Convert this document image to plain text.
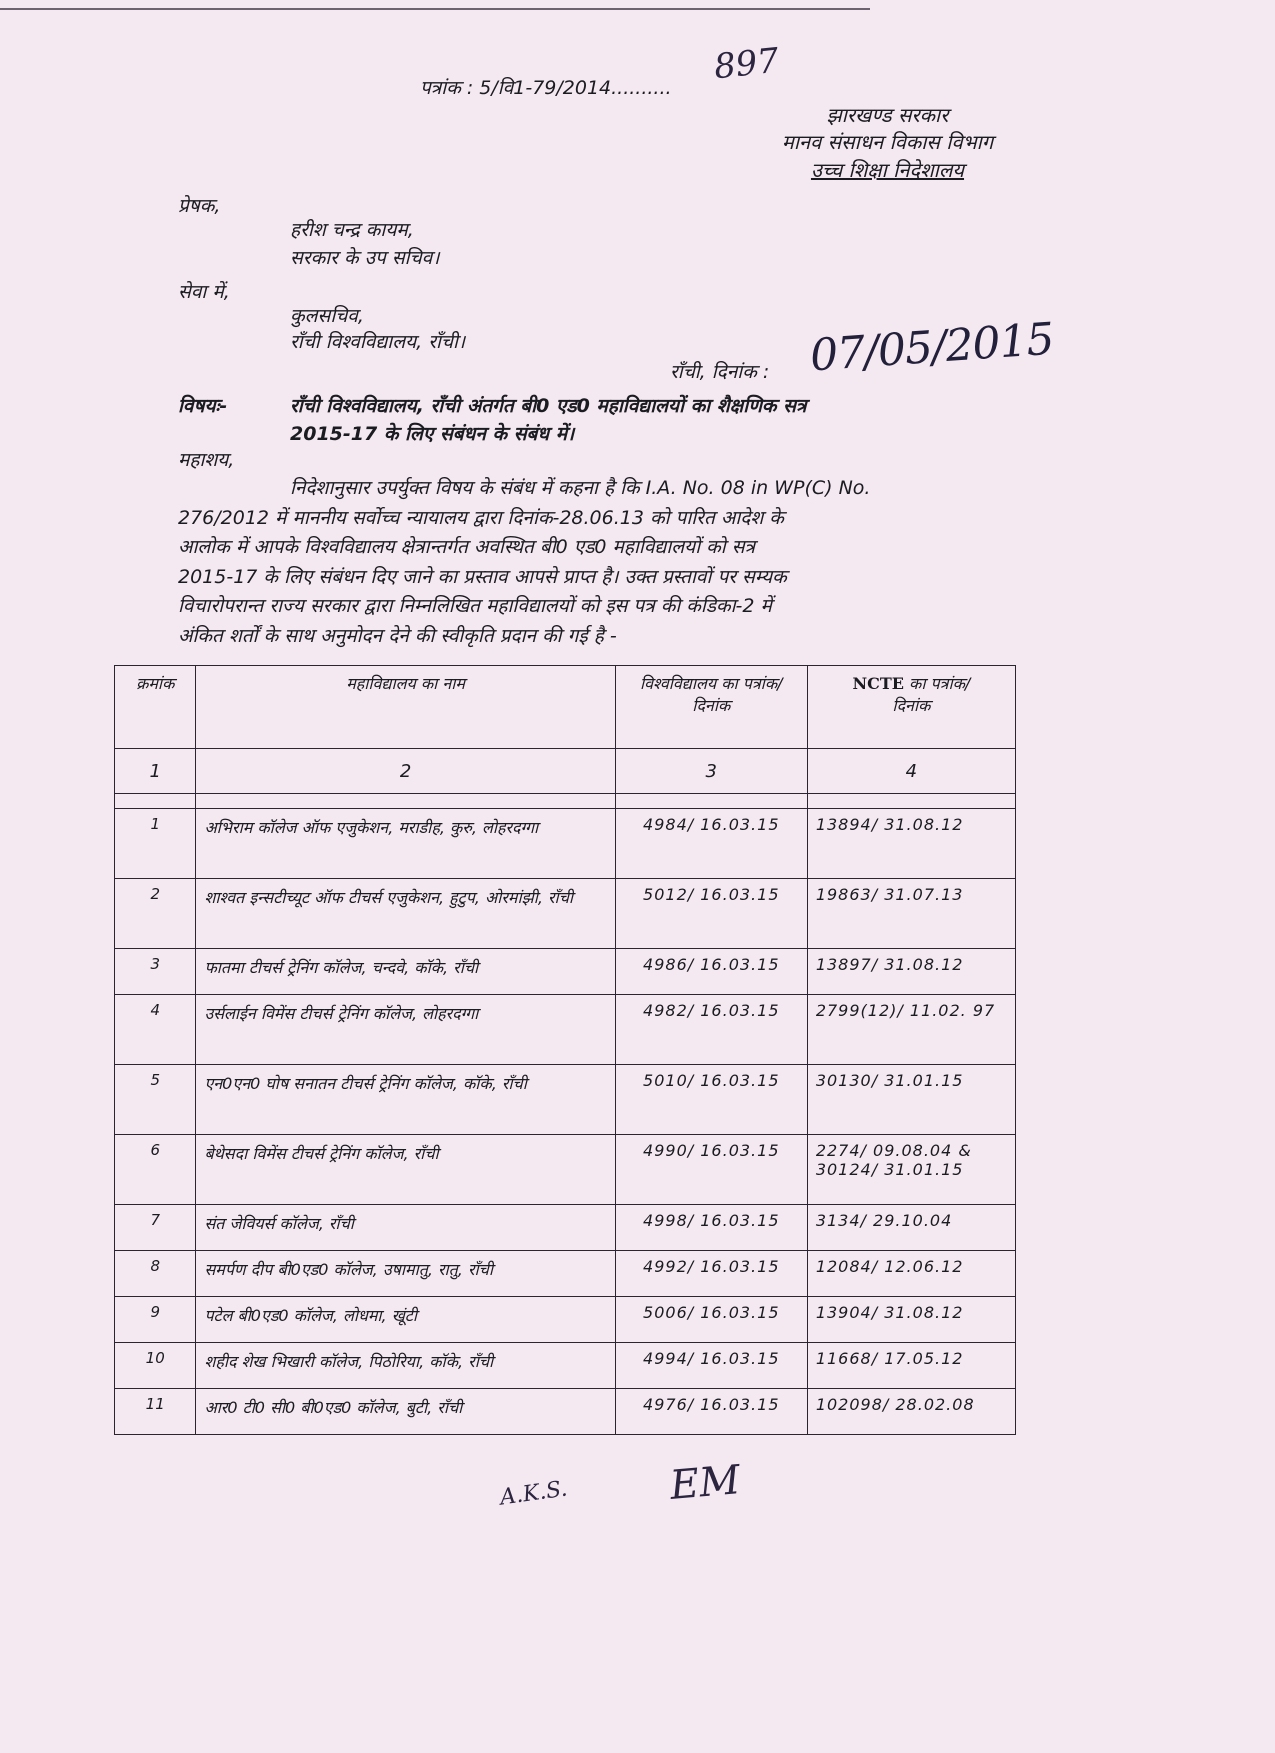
पत्रांक : 5/वि1-79/2014..........
897
झारखण्ड सरकार
मानव संसाधन विकास विभाग
उच्च शिक्षा निदेशालय
प्रेषक,
हरीश चन्द्र कायम,
सरकार के उप सचिव।
सेवा में,
कुलसचिव,
राँची विश्वविद्यालय, राँची।
राँची, दिनांक : 07/05/2015
विषयः-	राँची विश्वविद्यालय, राँची अंतर्गत बी0 एड0 महाविद्यालयों का शैक्षणिक सत्र
2015-17 के लिए संबंधन के संबंध में।
महाशय,
निदेशानुसार उपर्युक्त विषय के संबंध में कहना है कि I.A. No. 08 in WP(C) No.
276/2012 में माननीय सर्वोच्च न्यायालय द्वारा दिनांक-28.06.13 को पारित आदेश के
आलोक में आपके विश्वविद्यालय क्षेत्रान्तर्गत अवस्थित बी0 एड0 महाविद्यालयों को सत्र
2015-17 के लिए संबंधन दिए जाने का प्रस्ताव आपसे प्राप्त है। उक्त प्रस्तावों पर सम्यक
विचारोपरान्त राज्य सरकार द्वारा निम्नलिखित महाविद्यालयों को इस पत्र की कंडिका-2 में
अंकित शर्तों के साथ अनुमोदन देने की स्वीकृति प्रदान की गई है -
क्रमांक	महाविद्यालय का नाम	विश्वविद्यालय का पत्रांक/ दिनांक	NCTE का पत्रांक/
दिनांक
1	2	3	4

1	अभिराम कॉलेज ऑफ एजुकेशन, मराडीह, कुरु, लोहरदग्गा	4984/ 16.03.15	13894/ 31.08.12
2	शाश्वत इन्सटीच्यूट ऑफ टीचर्स एजुकेशन, हुटुप, ओरमांझी, राँची	5012/ 16.03.15	19863/ 31.07.13
3	फातमा टीचर्स ट्रेनिंग कॉलेज, चन्दवे, कॉके, राँची	4986/ 16.03.15	13897/ 31.08.12
4	उर्सलाईन विमेंस टीचर्स ट्रेनिंग कॉलेज, लोहरदग्गा	4982/ 16.03.15	2799(12)/ 11.02. 97
5	एन0एन0 घोष सनातन टीचर्स ट्रेनिंग कॉलेज, कॉके, राँची	5010/ 16.03.15	30130/ 31.01.15
6	बेथेसदा विमेंस टीचर्स ट्रेनिंग कॉलेज, राँची	4990/ 16.03.15	2274/ 09.08.04 & 30124/ 31.01.15
7	संत जेवियर्स कॉलेज, राँची	4998/ 16.03.15	3134/ 29.10.04
8	समर्पण दीप बी0एड0 कॉलेज, उषामातु, रातु, राँची	4992/ 16.03.15	12084/ 12.06.12
9	पटेल बी0एड0 कॉलेज, लोधमा, खूंटी	5006/ 16.03.15	13904/ 31.08.12
10	शहीद शेख भिखारी कॉलेज, पिठोरिया, कॉके, राँची	4994/ 16.03.15	11668/ 17.05.12
11	आर0 टी0 सी0 बी0एड0 कॉलेज, बुटी, राँची	4976/ 16.03.15	102098/ 28.02.08
A.K.S. EM
